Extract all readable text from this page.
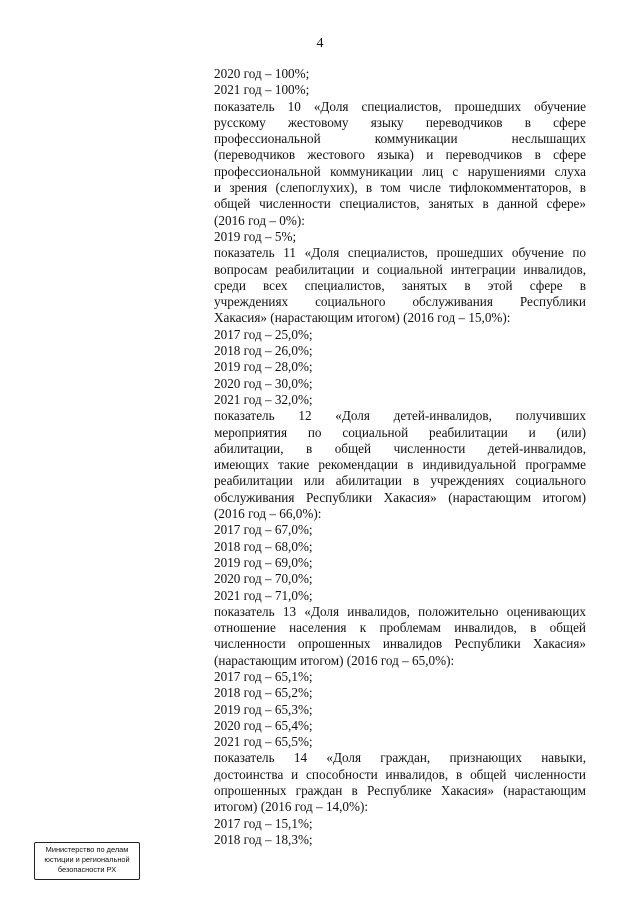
4
2020 год – 100%;
2021 год – 100%;
показатель 10 «Доля специалистов, прошедших обучение
русскому жестовому языку переводчиков в сфере
профессиональной коммуникации неслышащих
(переводчиков жестового языка) и переводчиков в сфере
профессиональной коммуникации лиц с нарушениями слуха
и зрения (слепоглухих), в том числе тифлокомментаторов, в
общей численности специалистов, занятых в данной сфере»
(2016 год – 0%):
2019 год – 5%;
показатель 11 «Доля специалистов, прошедших обучение по
вопросам реабилитации и социальной интеграции инвалидов,
среди всех специалистов, занятых в этой сфере в
учреждениях социального обслуживания Республики
Хакасия» (нарастающим итогом) (2016 год – 15,0%):
2017 год – 25,0%;
2018 год – 26,0%;
2019 год – 28,0%;
2020 год – 30,0%;
2021 год – 32,0%;
показатель 12 «Доля детей-инвалидов, получивших
мероприятия по социальной реабилитации и (или)
абилитации, в общей численности детей-инвалидов,
имеющих такие рекомендации в индивидуальной программе
реабилитации или абилитации в учреждениях социального
обслуживания Республики Хакасия» (нарастающим итогом)
(2016 год – 66,0%):
2017 год – 67,0%;
2018 год – 68,0%;
2019 год – 69,0%;
2020 год – 70,0%;
2021 год – 71,0%;
показатель 13 «Доля инвалидов, положительно оценивающих
отношение населения к проблемам инвалидов, в общей
численности опрошенных инвалидов Республики Хакасия»
(нарастающим итогом) (2016 год – 65,0%):
2017 год – 65,1%;
2018 год – 65,2%;
2019 год – 65,3%;
2020 год – 65,4%;
2021 год – 65,5%;
показатель 14 «Доля граждан, признающих навыки,
достоинства и способности инвалидов, в общей численности
опрошенных граждан в Республике Хакасия» (нарастающим
итогом) (2016 год – 14,0%):
2017 год – 15,1%;
2018 год – 18,3%;
Министерство по делам
юстиции и региональной
безопасности РХ
